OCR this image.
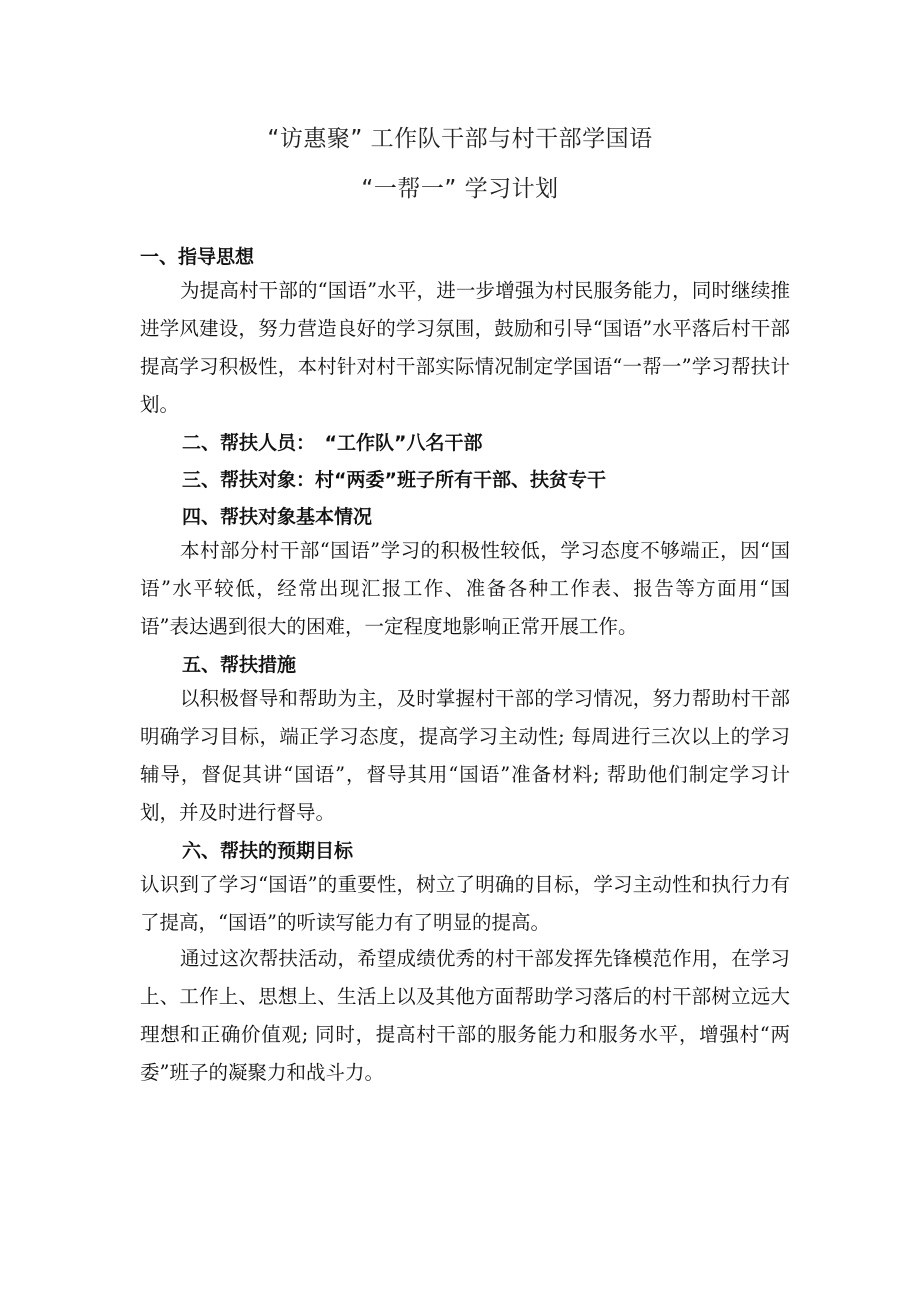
“访惠聚” 工作队干部与村干部学国语
“一帮一” 学习计划
一、指导思想

为提高村干部的“国语”水平，进一步增强为村民服务能力，同时继续推进学风建设，努力营造良好的学习氛围，鼓励和引导“国语”水平落后村干部提高学习积极性，本村针对村干部实际情况制定学国语“一帮一”学习帮扶计划。

二、帮扶人员：　“工作队”八名干部
三、帮扶对象：村“两委”班子所有干部、扶贫专干
四、帮扶对象基本情况

本村部分村干部“国语”学习的积极性较低，学习态度不够端正，因“国语”水平较低，经常出现汇报工作、准备各种工作表、报告等方面用“国语”表达遇到很大的困难，一定程度地影响正常开展工作。

五、帮扶措施

以积极督导和帮助为主，及时掌握村干部的学习情况，努力帮助村干部明确学习目标，端正学习态度，提高学习主动性; 每周进行三次以上的学习辅导，督促其讲“国语”，督导其用“国语”准备材料; 帮助他们制定学习计划，并及时进行督导。

六、帮扶的预期目标

认识到了学习“国语”的重要性，树立了明确的目标，学习主动性和执行力有了提高，“国语”的听读写能力有了明显的提高。

通过这次帮扶活动，希望成绩优秀的村干部发挥先锋模范作用，在学习上、工作上、思想上、生活上以及其他方面帮助学习落后的村干部树立远大理想和正确价值观; 同时，提高村干部的服务能力和服务水平，增强村“两委”班子的凝聚力和战斗力。
